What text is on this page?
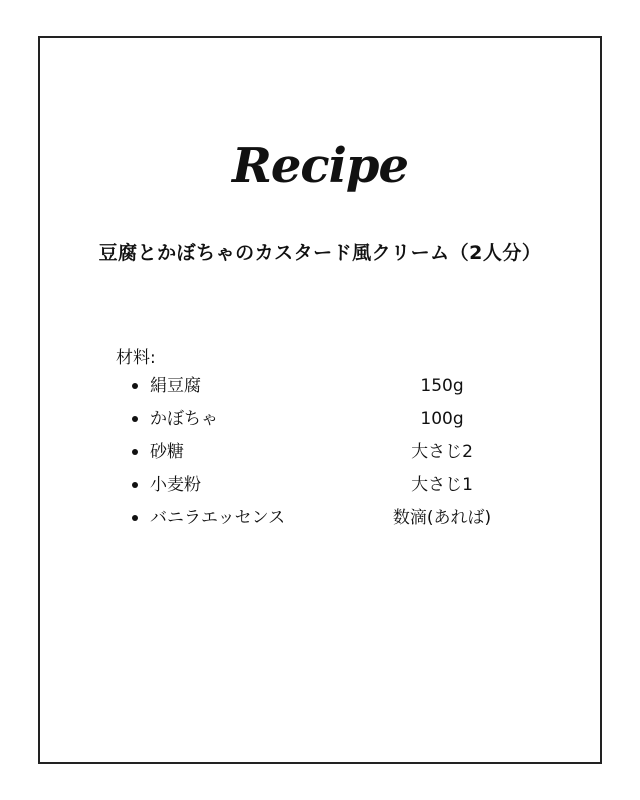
Recipe
豆腐とかぼちゃのカスタード風クリーム（2人分）
材料:
絹豆腐	150g
かぼちゃ	100g
砂糖	大さじ2
小麦粉	大さじ1
バニラエッセンス	数滴(あれば)
